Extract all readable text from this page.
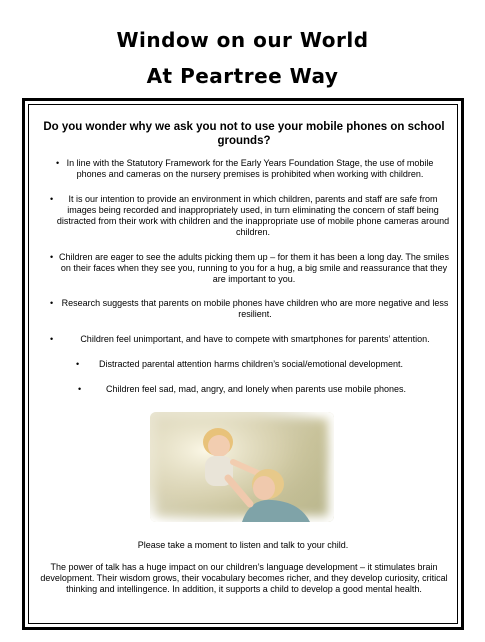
Window on our World
At Peartree Way

Do you wonder why we ask you not to use your mobile phones on school grounds?

• In line with the Statutory Framework for the Early Years Foundation Stage, the use of mobile phones and cameras on the nursery premises is prohibited when working with children.
• It is our intention to provide an environment in which children, parents and staff are safe from images being recorded and inappropriately used, in turn eliminating the concern of staff being distracted from their work with children and the inappropriate use of mobile phone cameras around children.
• Children are eager to see the adults picking them up – for them it has been a long day. The smiles on their faces when they see you, running to you for a hug, a big smile and reassurance that they are important to you.
• Research suggests that parents on mobile phones have children who are more negative and less resilient.
•	Children feel unimportant, and have to compete with smartphones for parents’ attention.
• Distracted parental attention harms children’s social/emotional development.
•	Children feel sad, mad, angry, and lonely when parents use mobile phones.
Please take a moment to listen and talk to your child.
The power of talk has a huge impact on our children’s language development – it stimulates brain development. Their wisdom grows, their vocabulary becomes richer, and they develop curiosity, critical thinking and intellingence. In addition, it supports a child to develop a good mental health.
